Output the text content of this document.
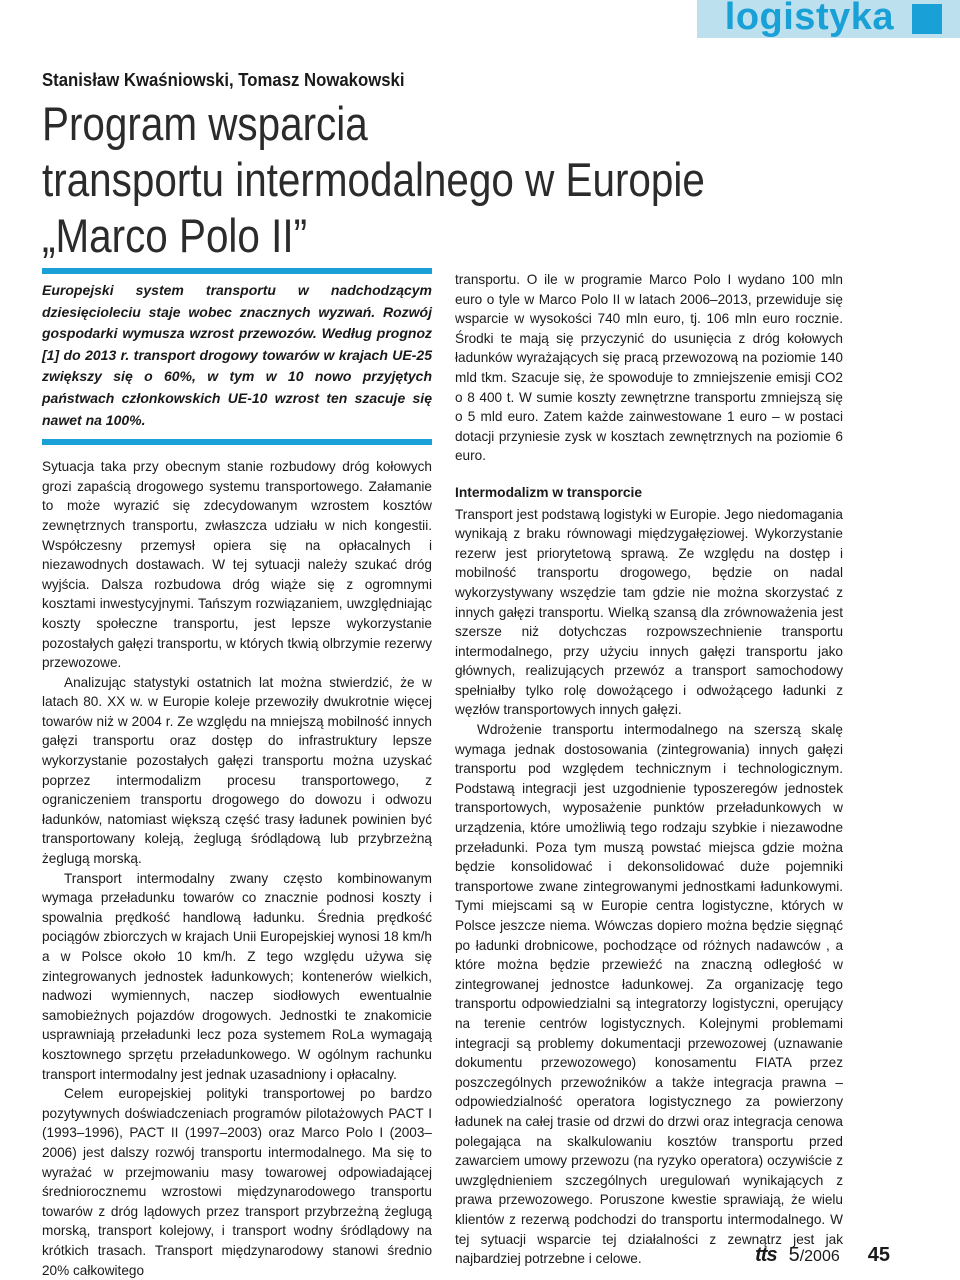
logistyka
Stanisław Kwaśniowski, Tomasz Nowakowski
Program wsparcia
transportu intermodalnego w Europie
„Marco Polo II”
Europejski system transportu w nadchodzącym dziesięcioleciu staje wobec znacznych wyzwań. Rozwój gospodarki wymusza wzrost przewozów. Według prognoz [1] do 2013 r. transport drogowy towarów w krajach UE-25 zwiększy się o 60%, w tym w 10 nowo przyjętych państwach członkowskich UE-10 wzrost ten szacuje się nawet na 100%.

Sytuacja taka przy obecnym stanie rozbudowy dróg kołowych grozi zapaścią drogowego systemu transportowego. Załamanie to może wyrazić się zdecydowanym wzrostem kosztów zewnętrznych transportu, zwłaszcza udziału w nich kongestii. Współczesny przemysł opiera się na opłacalnych i niezawodnych dostawach. W tej sytuacji należy szukać dróg wyjścia. Dalsza rozbudowa dróg wiąże się z ogromnymi kosztami inwestycyjnymi. Tańszym rozwiązaniem, uwzględniając koszty społeczne transportu, jest lepsze wykorzystanie pozostałych gałęzi transportu, w których tkwią olbrzymie rezerwy przewozowe.

Analizując statystyki ostatnich lat można stwierdzić, że w latach 80. XX w. w Europie koleje przewoziły dwukrotnie więcej towarów niż w 2004 r. Ze względu na mniejszą mobilność innych gałęzi transportu oraz dostęp do infrastruktury lepsze wykorzystanie pozostałych gałęzi transportu można uzyskać poprzez intermodalizm procesu transportowego, z ograniczeniem transportu drogowego do dowozu i odwozu ładunków, natomiast większą część trasy ładunek powinien być transportowany koleją, żeglugą śródlądową lub przybrzeżną żeglugą morską.

Transport intermodalny zwany często kombinowanym wymaga przeładunku towarów co znacznie podnosi koszty i spowalnia prędkość handlową ładunku. Średnia prędkość pociągów zbiorczych w krajach Unii Europejskiej wynosi 18 km/h a w Polsce około 10 km/h. Z tego względu używa się zintegrowanych jednostek ładunkowych; kontenerów wielkich, nadwozi wymiennych, naczep siodłowych ewentualnie samobieżnych pojazdów drogowych. Jednostki te znakomicie usprawniają przeładunki lecz poza systemem RoLa wymagają kosztownego sprzętu przeładunkowego. W ogólnym rachunku transport intermodalny jest jednak uzasadniony i opłacalny.

Celem europejskiej polityki transportowej po bardzo pozytywnych doświadczeniach programów pilotażowych PACT I (1993–1996), PACT II (1997–2003) oraz Marco Polo I (2003–2006) jest dalszy rozwój transportu intermodalnego. Ma się to wyrażać w przejmowaniu masy towarowej odpowiadającej średniorocznemu wzrostowi międzynarodowego transportu towarów z dróg lądowych przez transport przybrzeżną żeglugą morską, transport kolejowy, i transport wodny śródlądowy na krótkich trasach. Transport międzynarodowy stanowi średnio 20% całkowitego

transportu. O ile w programie Marco Polo I wydano 100 mln euro o tyle w Marco Polo II w latach 2006–2013, przewiduje się wsparcie w wysokości 740 mln euro, tj. 106 mln euro rocznie. Środki te mają się przyczynić do usunięcia z dróg kołowych ładunków wyrażających się pracą przewozową na poziomie 140 mld tkm. Szacuje się, że spowoduje to zmniejszenie emisji CO2 o 8 400 t. W sumie koszty zewnętrzne transportu zmniejszą się o 5 mld euro. Zatem każde zainwestowane 1 euro – w postaci dotacji przyniesie zysk w kosztach zewnętrznych na poziomie 6 euro.

Intermodalizm w transporcie

Transport jest podstawą logistyki w Europie. Jego niedomagania wynikają z braku równowagi międzygałęziowej. Wykorzystanie rezerw jest priorytetową sprawą. Ze względu na dostęp i mobilność transportu drogowego, będzie on nadal wykorzystywany wszędzie tam gdzie nie można skorzystać z innych gałęzi transportu. Wielką szansą dla zrównoważenia jest szersze niż dotychczas rozpowszechnienie transportu intermodalnego, przy użyciu innych gałęzi transportu jako głównych, realizujących przewóz a transport samochodowy spełniałby tylko rolę dowożącego i odwożącego ładunki z węzłów transportowych innych gałęzi.

Wdrożenie transportu intermodalnego na szerszą skalę wymaga jednak dostosowania (zintegrowania) innych gałęzi transportu pod względem technicznym i technologicznym. Podstawą integracji jest uzgodnienie typoszeregów jednostek transportowych, wyposażenie punktów przeładunkowych w urządzenia, które umożliwią tego rodzaju szybkie i niezawodne przeładunki. Poza tym muszą powstać miejsca gdzie można będzie konsolidować i dekonsolidować duże pojemniki transportowe zwane zintegrowanymi jednostkami ładunkowymi. Tymi miejscami są w Europie centra logistyczne, których w Polsce jeszcze niema. Wówczas dopiero można będzie sięgnąć po ładunki drobnicowe, pochodzące od różnych nadawców , a które można będzie przewieźć na znaczną odległość w zintegrowanej jednostce ładunkowej. Za organizację tego transportu odpowiedzialni są integratorzy logistyczni, operujący na terenie centrów logistycznych. Kolejnymi problemami integracji są problemy dokumentacji przewozowej (uznawanie dokumentu przewozowego) konosamentu FIATA przez poszczególnych przewoźników a także integracja prawna – odpowiedzialność operatora logistycznego za powierzony ładunek na całej trasie od drzwi do drzwi oraz integracja cenowa polegająca na skalkulowaniu kosztów transportu przed zawarciem umowy przewozu (na ryzyko operatora) oczywiście z uwzględnieniem szczególnych uregulowań wynikających z prawa przewozowego. Poruszone kwestie sprawiają, że wielu klientów z rezerwą podchodzi do transportu intermodalnego. W tej sytuacji wsparcie tej działalności z zewnątrz jest jak najbardziej potrzebne i celowe.	tts 5/2006 45
